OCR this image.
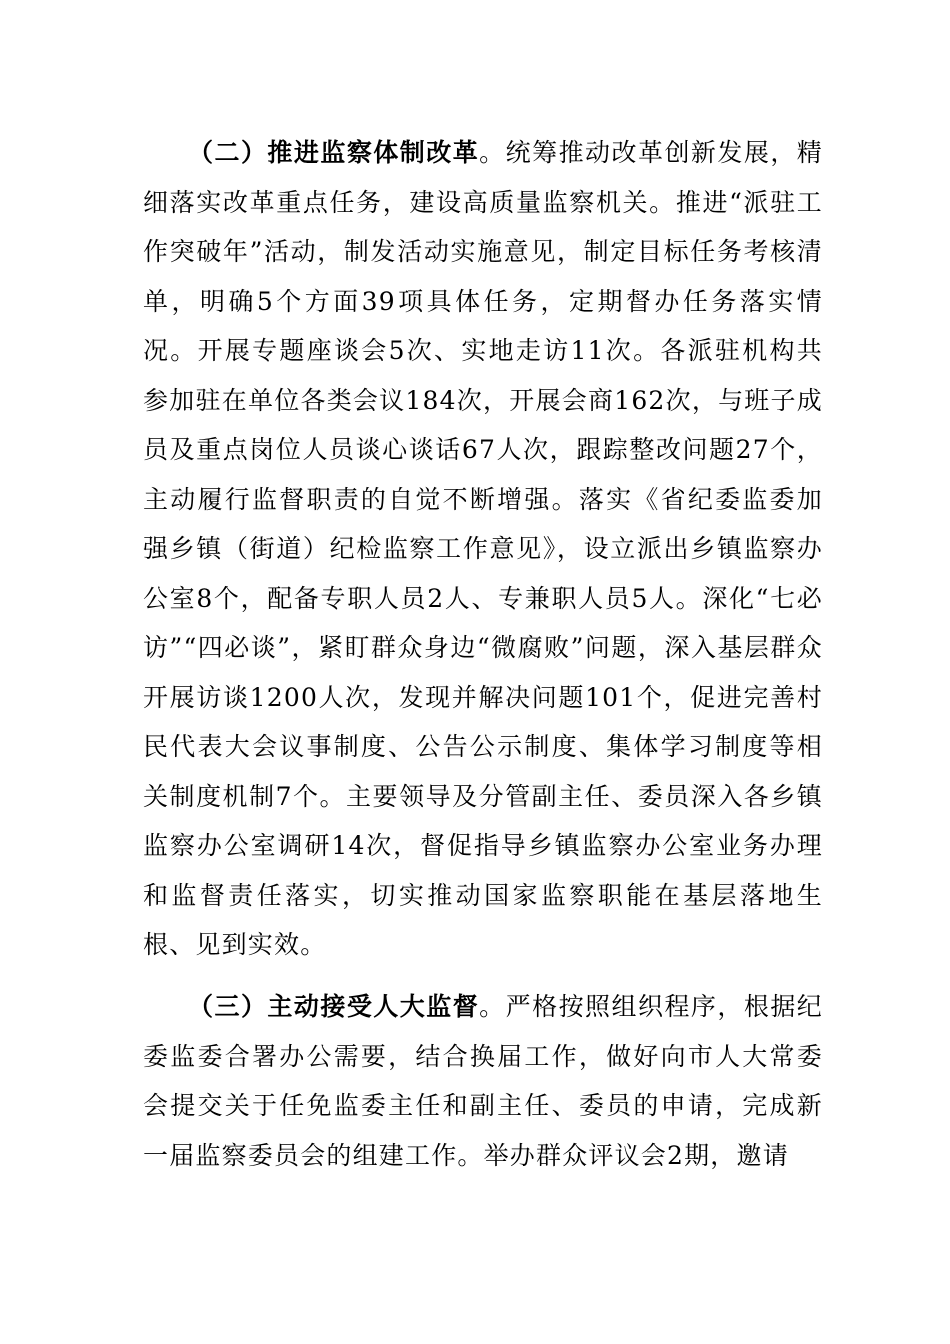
（二）推进监察体制改革。统筹推动改革创新发展，精细落实改革重点任务，建设高质量监察机关。推进“派驻工作突破年”活动，制发活动实施意见，制定目标任务考核清单，明确5个方面39项具体任务，定期督办任务落实情况。开展专题座谈会5次、实地走访11次。各派驻机构共参加驻在单位各类会议184次，开展会商162次，与班子成员及重点岗位人员谈心谈话67人次，跟踪整改问题27个，主动履行监督职责的自觉不断增强。落实《省纪委监委加强乡镇（街道）纪检监察工作意见》，设立派出乡镇监察办公室8个，配备专职人员2人、专兼职人员5人。深化“七必访”“四必谈”，紧盯群众身边“微腐败”问题，深入基层群众开展访谈1200人次，发现并解决问题101个，促进完善村民代表大会议事制度、公告公示制度、集体学习制度等相关制度机制7个。主要领导及分管副主任、委员深入各乡镇监察办公室调研14次，督促指导乡镇监察办公室业务办理和监督责任落实，切实推动国家监察职能在基层落地生根、见到实效。

（三）主动接受人大监督。严格按照组织程序，根据纪委监委合署办公需要，结合换届工作，做好向市人大常委会提交关于任免监委主任和副主任、委员的申请，完成新一届监察委员会的组建工作。举办群众评议会2期，邀请
